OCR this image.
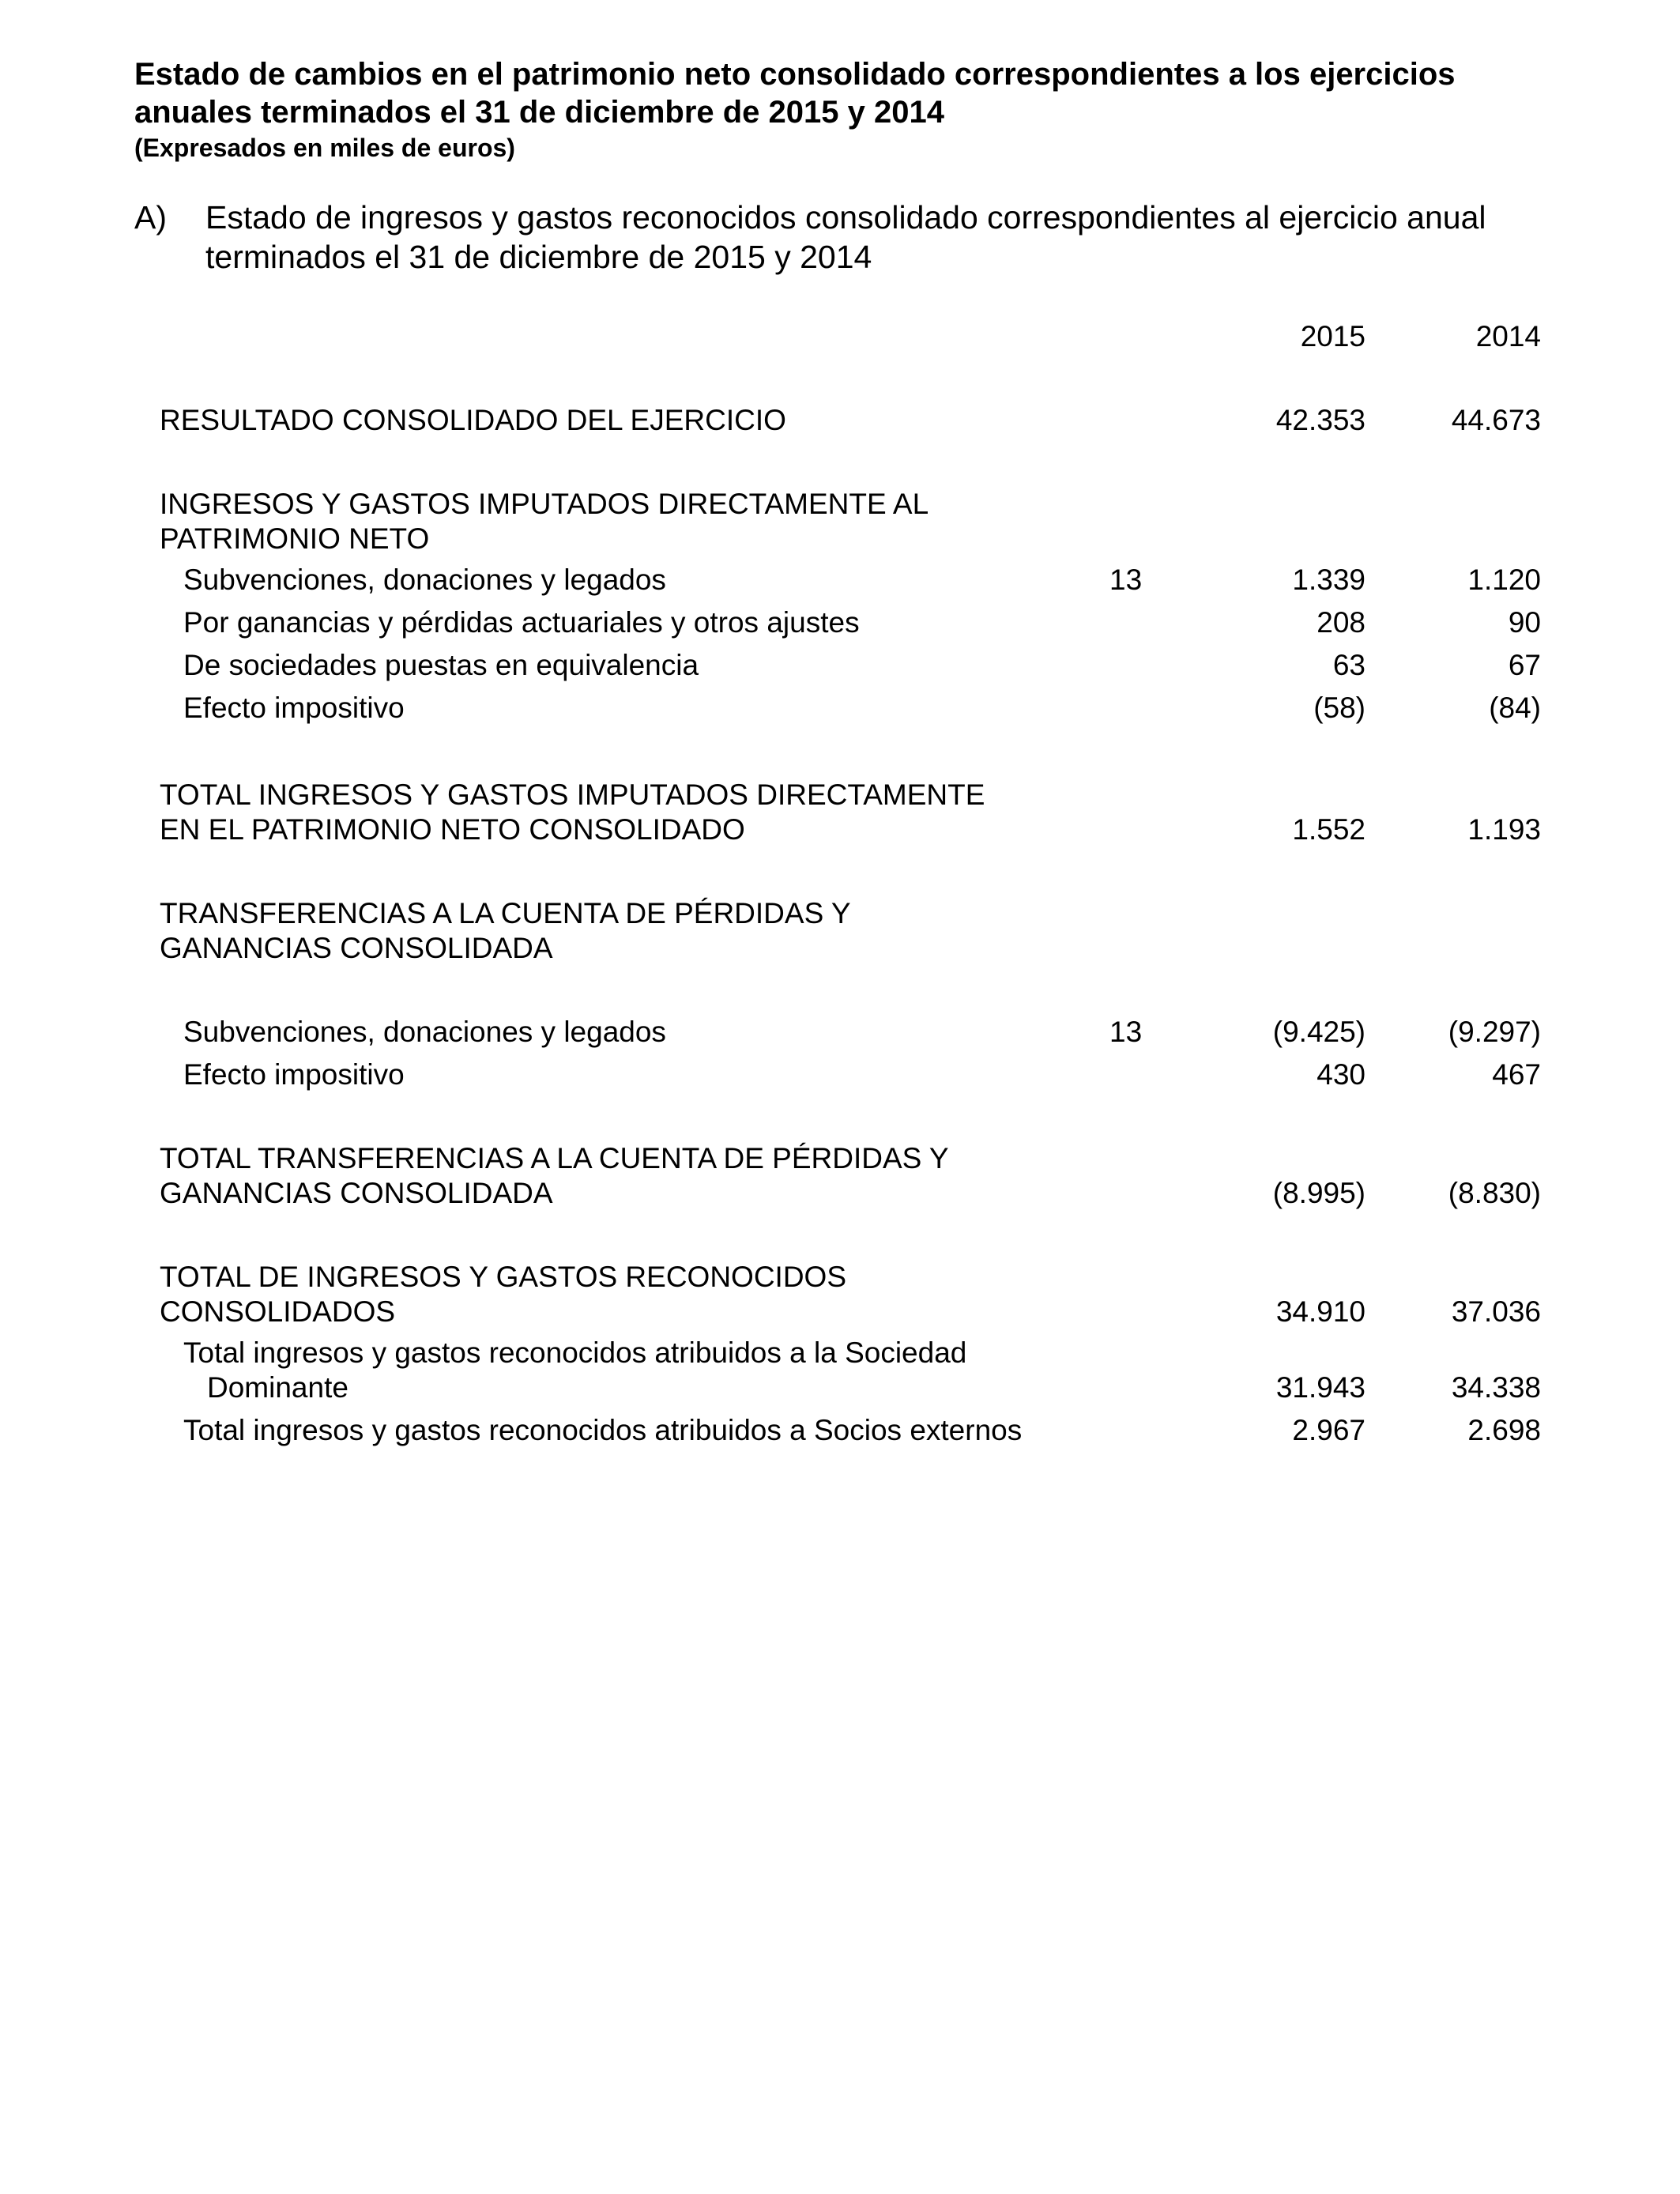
Estado de cambios en el patrimonio neto consolidado correspondientes a los ejercicios
anuales terminados el 31 de diciembre de 2015 y 2014
(Expresados en miles de euros)
A) Estado de ingresos y gastos reconocidos consolidado correspondientes al ejercicio anual
terminados el 31 de diciembre de 2015 y 2014
2015	2014
RESULTADO CONSOLIDADO DEL EJERCICIO	42.353	44.673
INGRESOS Y GASTOS IMPUTADOS DIRECTAMENTE AL
PATRIMONIO NETO
Subvenciones, donaciones y legados	13	1.339	1.120
Por ganancias y pérdidas actuariales y otros ajustes	208	90
De sociedades puestas en equivalencia	63	67
Efecto impositivo	(58)	(84)
TOTAL INGRESOS Y GASTOS IMPUTADOS DIRECTAMENTE
EN EL PATRIMONIO NETO CONSOLIDADO	1.552	1.193
TRANSFERENCIAS A LA CUENTA DE PÉRDIDAS Y
GANANCIAS CONSOLIDADA
Subvenciones, donaciones y legados	13	(9.425)	(9.297)
Efecto impositivo	430	467
TOTAL TRANSFERENCIAS A LA CUENTA DE PÉRDIDAS Y
GANANCIAS CONSOLIDADA	(8.995)	(8.830)
TOTAL DE INGRESOS Y GASTOS RECONOCIDOS
CONSOLIDADOS	34.910	37.036
Total ingresos y gastos reconocidos atribuidos a la Sociedad
Dominante	31.943	34.338
Total ingresos y gastos reconocidos atribuidos a Socios externos	2.967	2.698
